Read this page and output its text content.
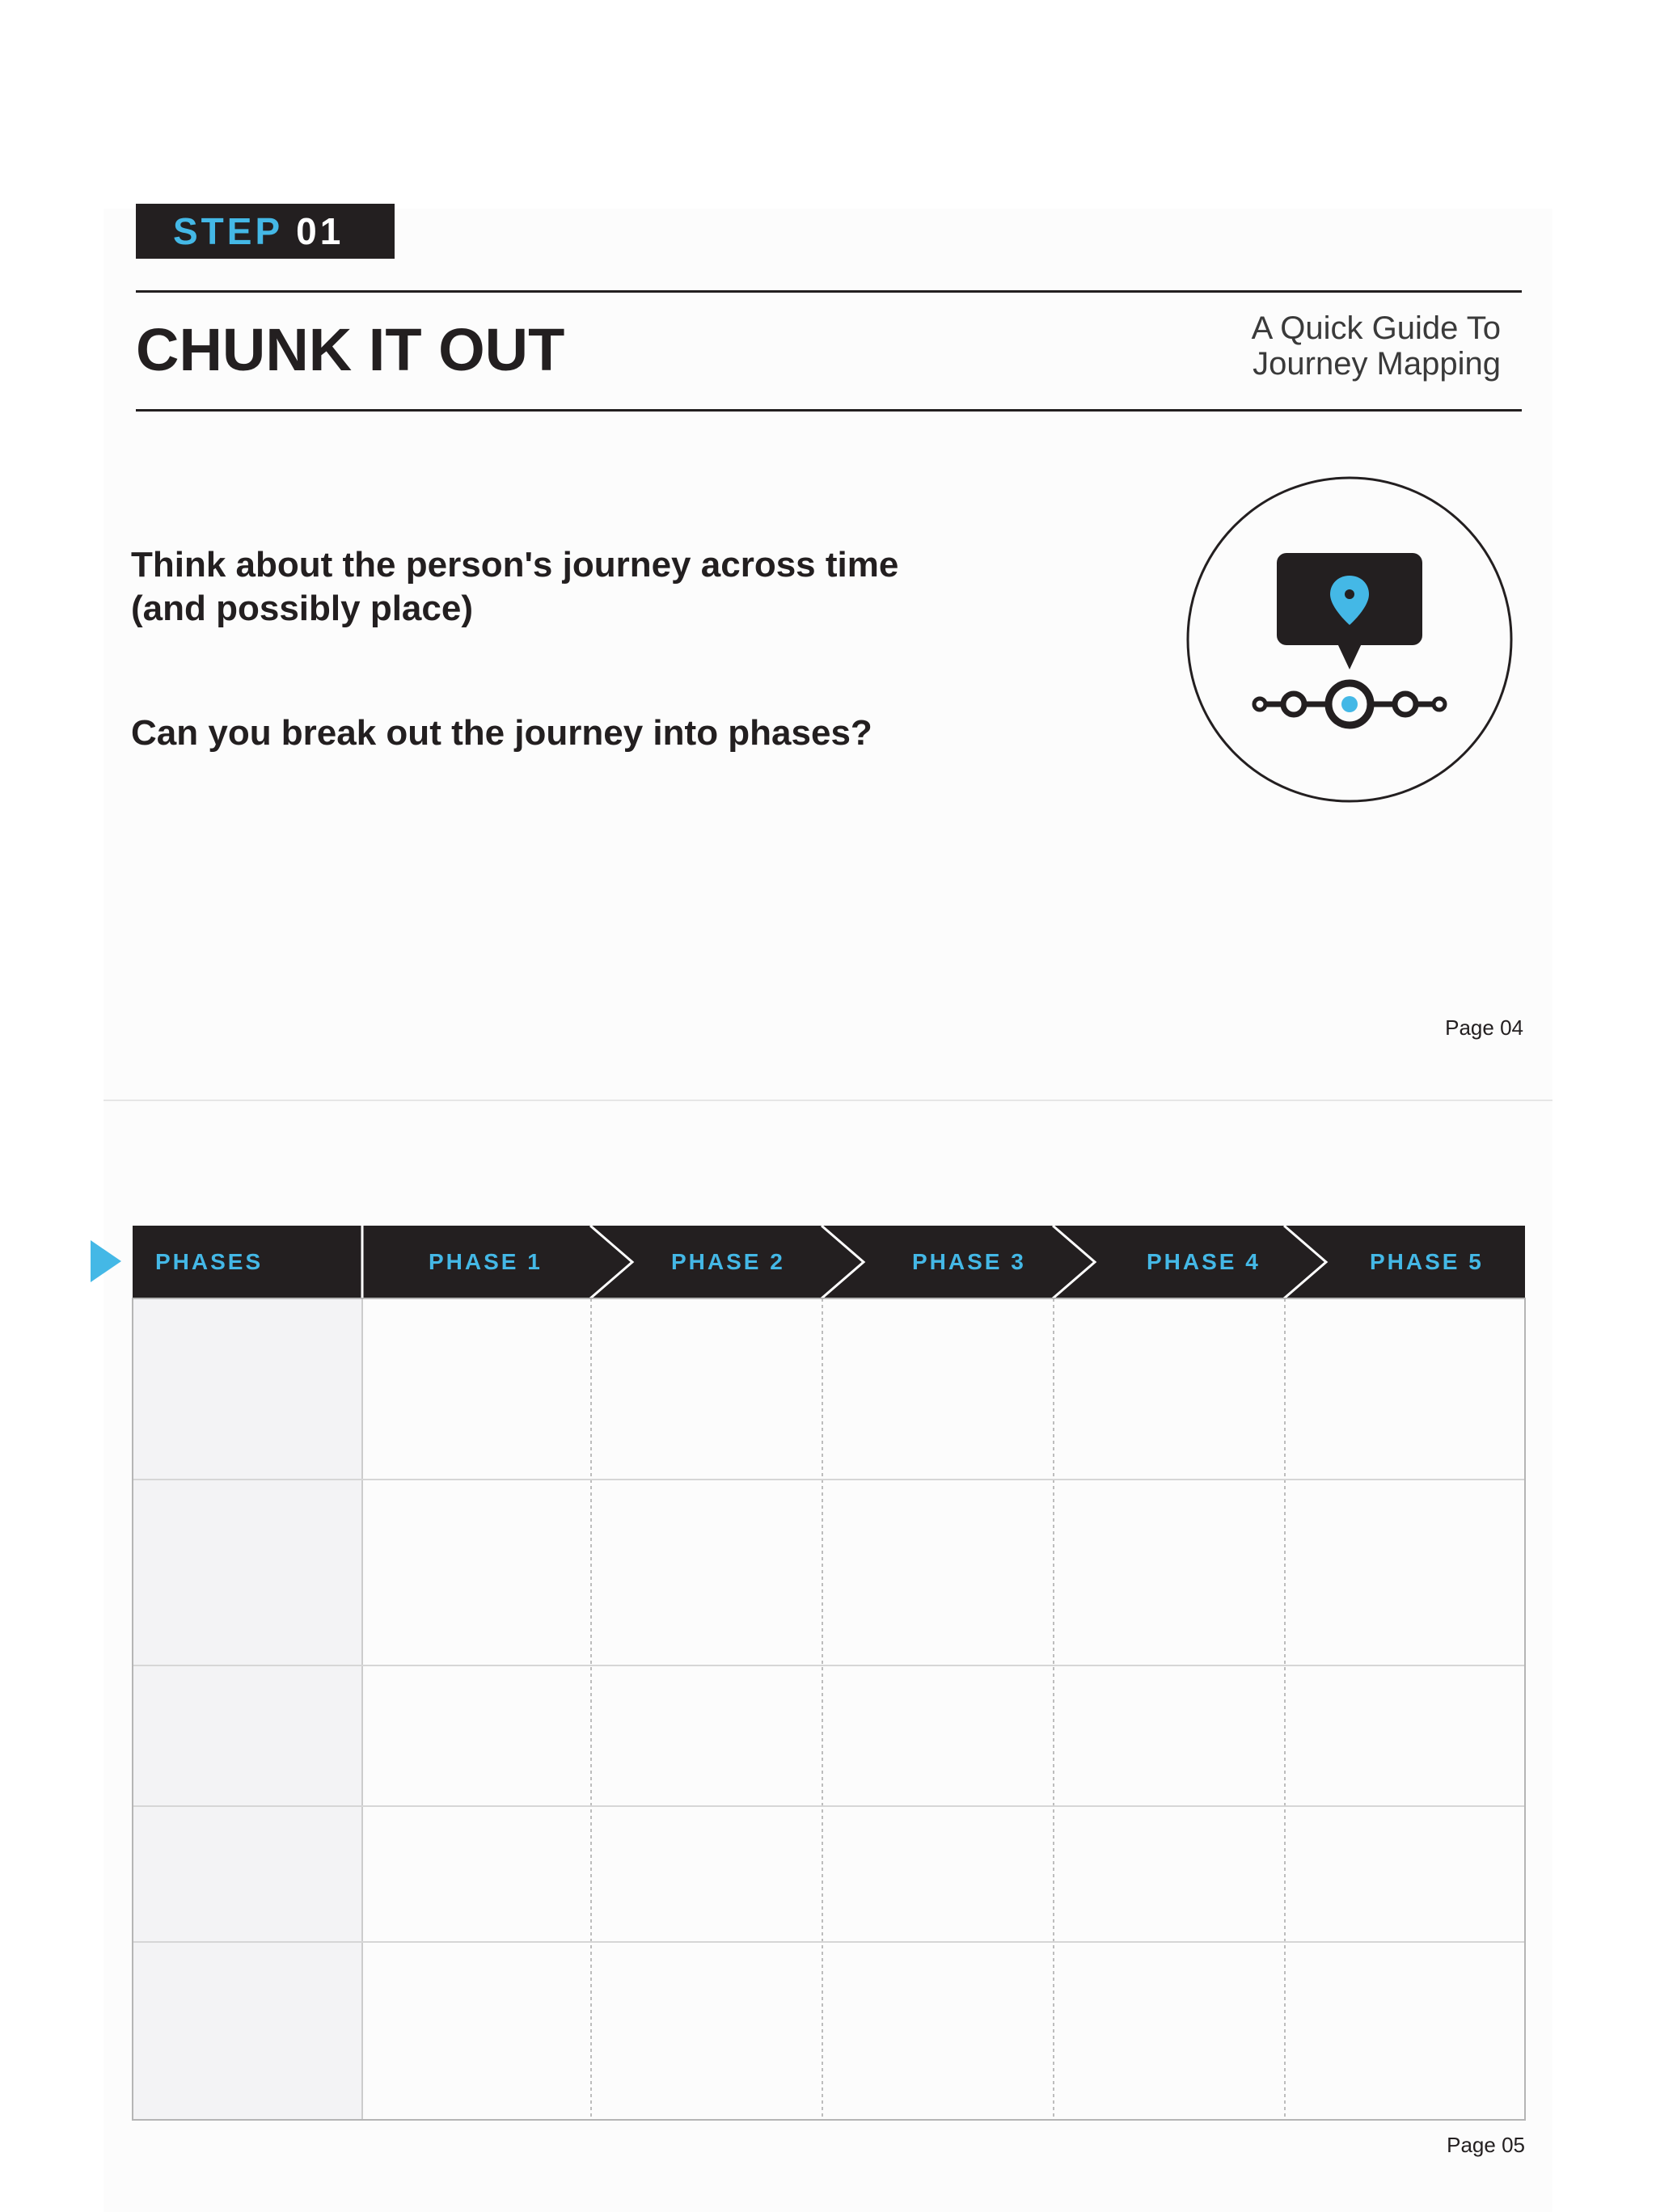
STEP 01
CHUNK IT OUT	A Quick Guide To
Journey Mapping

Think about the person's journey across time (and possibly place)

Can you break out the journey into phases?

Page 04
PHASES	PHASE 1	PHASE 2	PHASE 3	PHASE 4	PHASE 5
Page 05
